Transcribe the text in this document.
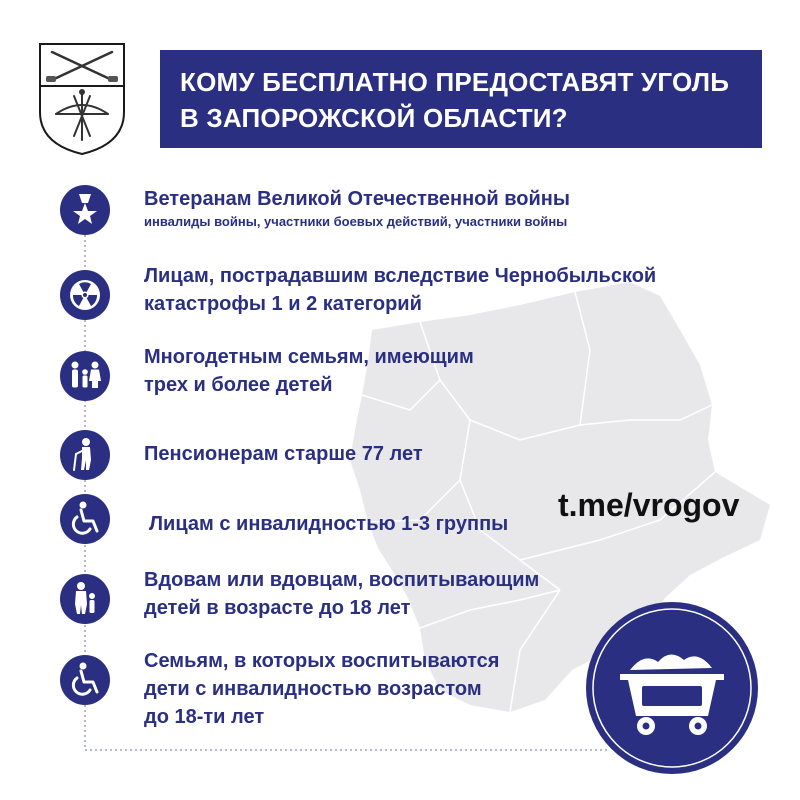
КОМУ БЕСПЛАТНО ПРЕДОСТАВЯТ УГОЛЬ
В ЗАПОРОЖСКОЙ ОБЛАСТИ?
Ветеранам Великой Отечественной войны
инвалиды войны, участники боевых действий, участники войны
Лицам, пострадавшим вследствие Чернобыльской
катастрофы 1 и 2 категорий
Многодетным семьям, имеющим
трех и более детей
Пенсионерам старше 77 лет
Лицам с инвалидностью 1-3 группы
t.me/vrogov
Вдовам или вдовцам, воспитывающим
детей в возрасте до 18 лет
Семьям, в которых воспитываются
дети с инвалидностью возрастом
до 18-ти лет
